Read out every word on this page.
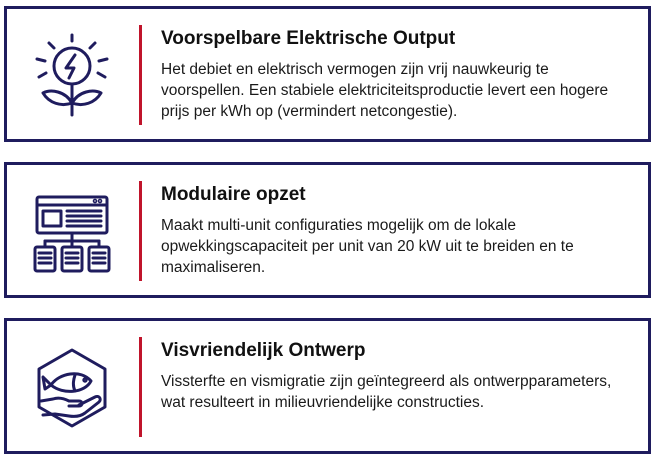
Voorspelbare Elektrische Output

Het debiet en elektrisch vermogen zijn vrij nauwkeurig te voorspellen. Een stabiele elektriciteitsproductie levert een hogere prijs per kWh op (vermindert netcongestie).

Modulaire opzet

Maakt multi-unit configuraties mogelijk om de lokale opwekkingscapaciteit per unit van 20 kW uit te breiden en te maximaliseren.

Visvriendelijk Ontwerp

Vissterfte en vismigratie zijn geïntegreerd als ontwerpparameters, wat resulteert in milieuvriendelijke constructies.
